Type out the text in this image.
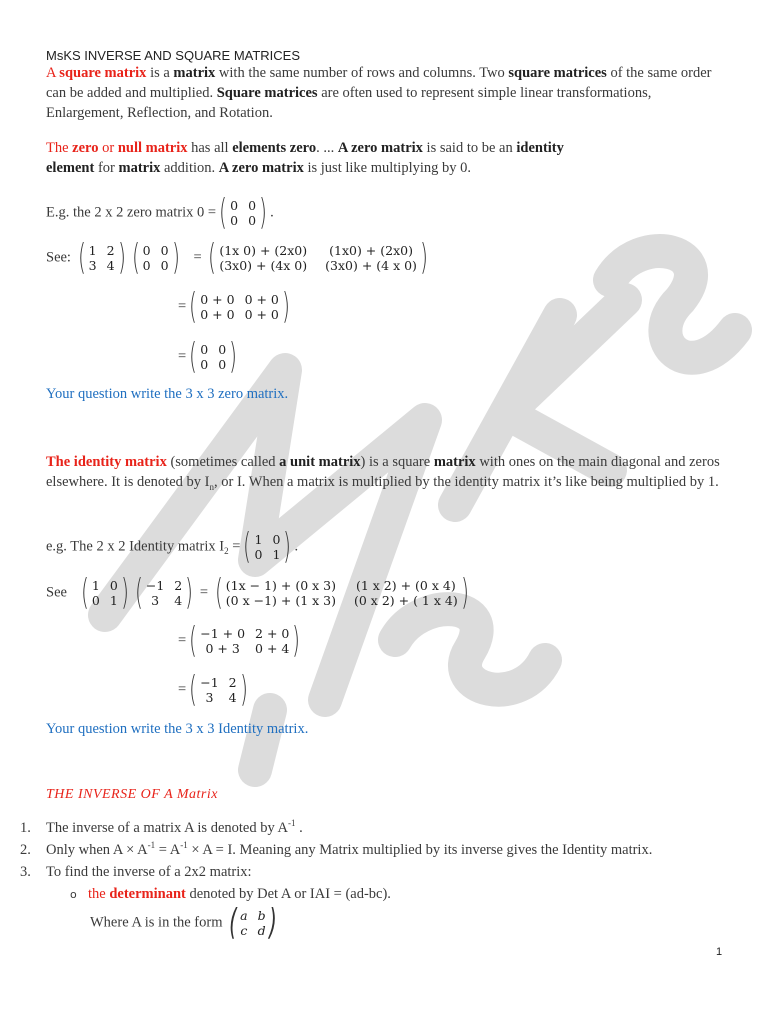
MsKS INVERSE AND SQUARE MATRICES
A square matrix is a matrix with the same number of rows and columns. Two square matrices of the same order can be added and multiplied. Square matrices are often used to represent simple linear transformations, Enlargement, Reflection, and Rotation.
The zero or null matrix has all elements zero. ... A zero matrix is said to be an identity element for matrix addition. A zero matrix is just like multiplying by 0.
E.g. the 2 x 2 zero matrix 0 = ( 0 0
0 0 ) .
See: ( 1 2
3 4 ) ( 0 0
0 0 ) = ( (1x 0) + (2x0)	(1x0) + (2x0)
(3x0) + (4x 0) (3x0) + (4 x 0) )
= ( 0 + 0 0 + 0
0 + 0 0 + 0 )
= ( 0 0
0 0 )
Your question write the 3 x 3 zero matrix.
The identity matrix (sometimes called a unit matrix) is a square matrix with ones on the main diagonal and zeros elsewhere. It is denoted by $I_n$, or I. When a matrix is multiplied by the identity matrix it’s like being multiplied by 1.
e.g. The 2 x 2 Identity matrix $I_2$ = ( 1 0
0 1 ) .
See ( 1 0
0 1 ) ( −1 2
3	4 ) = ( (1x − 1) + (0 x 3) (1 x 2) + (0 x 4)
(0 x −1) + (1 x 3) (0 x 2) + ( 1 x 4) )
= ( −1 + 0 2 + 0
0 + 3	0 + 4 )
= ( −1 2
3	4 )
Your question write the 3 x 3 Identity matrix.
THE INVERSE OF A Matrix
1. The inverse of a matrix A is denoted by $A^{-1}$ .
2. Only when $A \times A^{-1} = A^{-1} \times A = I$. Meaning any Matrix multiplied by its inverse gives the Identity matrix.
3. To find the inverse of a 2x2 matrix:
o the determinant denoted by Det A or IAI = (ad-bc).
Where A is in the form ( a b
c d )
1
